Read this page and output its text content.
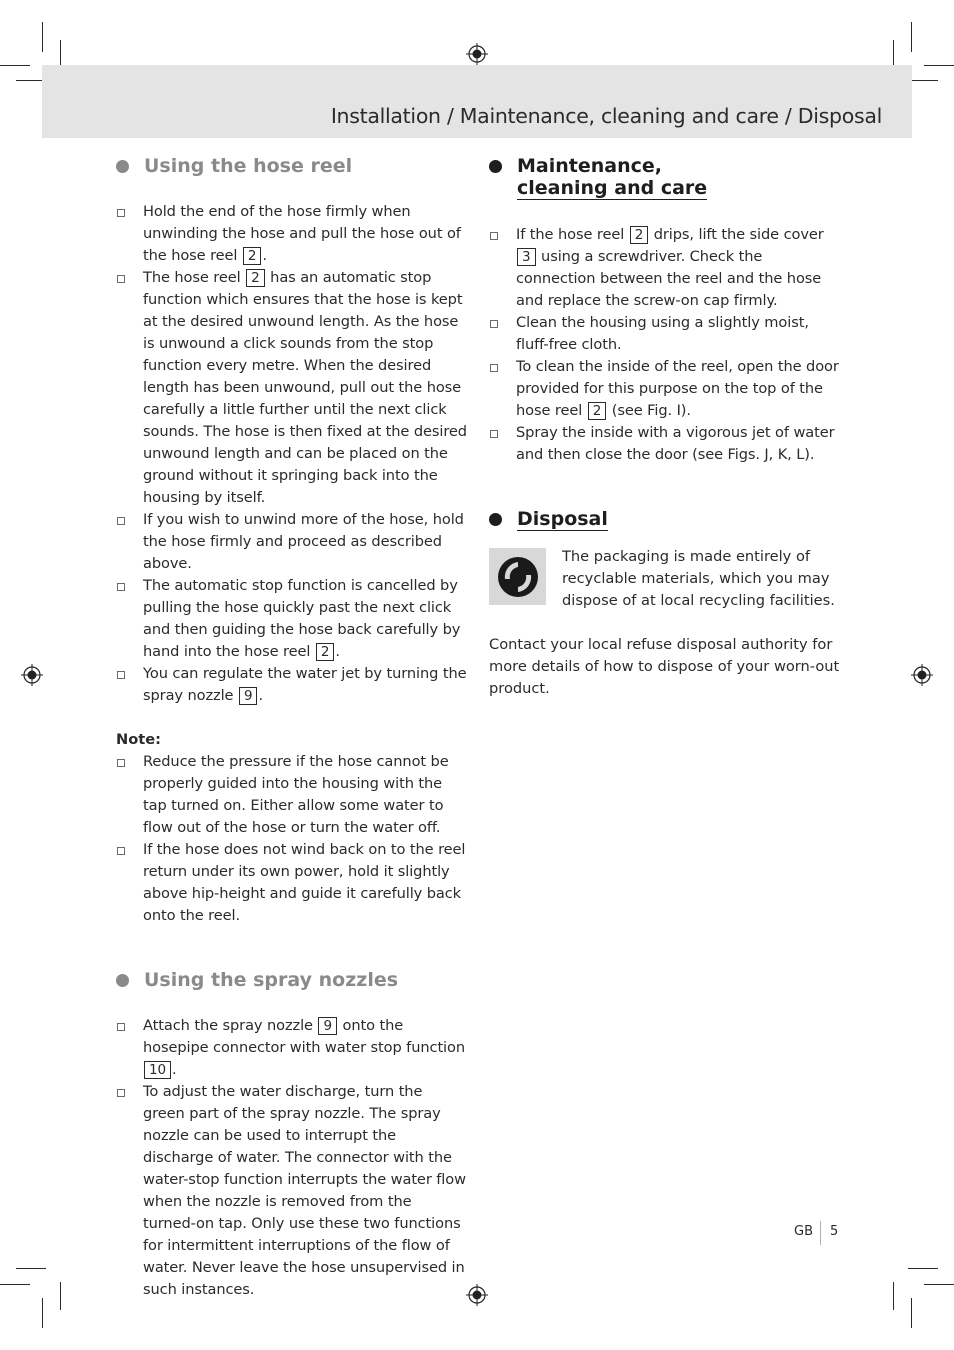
Installation / Maintenance, cleaning and care / Disposal
Using the hose reel
Hold the end of the hose firmly when unwinding the hose and pull the hose out of the hose reel 2 .
The hose reel 2 has an automatic stop function which ensures that the hose is kept at the desired unwound length. As the hose is unwound a click sounds from the stop function every metre. When the desired length has been unwound, pull out the hose carefully a little further until the next click sounds. The hose is then fixed at the desired unwound length and can be placed on the ground without it springing back into the housing by itself.
If you wish to unwind more of the hose, hold the hose firmly and proceed as described above.
The automatic stop function is cancelled by pulling the hose quickly past the next click and then guiding the hose back carefully by hand into the hose reel 2 .
You can regulate the water jet by turning the spray nozzle 9 .
Note:
Reduce the pressure if the hose cannot be properly guided into the housing with the tap turned on. Either allow some water to flow out of the hose or turn the water off.
If the hose does not wind back on to the reel return under its own power, hold it slightly above hip-height and guide it carefully back onto the reel.
Using the spray nozzles
Attach the spray nozzle 9 onto the hosepipe connector with water stop function 10 .
To adjust the water discharge, turn the green part of the spray nozzle. The spray nozzle can be used to interrupt the discharge of water. The connector with the water-stop function interrupts the water flow when the nozzle is removed from the turned-on tap. Only use these two functions for intermittent interruptions of the flow of water. Never leave the hose unsupervised in such instances.
Maintenance,
cleaning and care
If the hose reel 2 drips, lift the side cover 3 using a screwdriver. Check the connection between the reel and the hose and replace the screw-on cap firmly.
Clean the housing using a slightly moist, fluff-free cloth.
To clean the inside of the reel, open the door provided for this purpose on the top of the hose reel 2 (see Fig. I).
Spray the inside with a vigorous jet of water and then close the door (see Figs. J, K, L).
Disposal
The packaging is made entirely of recyclable materials, which you may dispose of at local recycling facilities.
Contact your local refuse disposal authority for more details of how to dispose of your worn-out product.
GB 5
